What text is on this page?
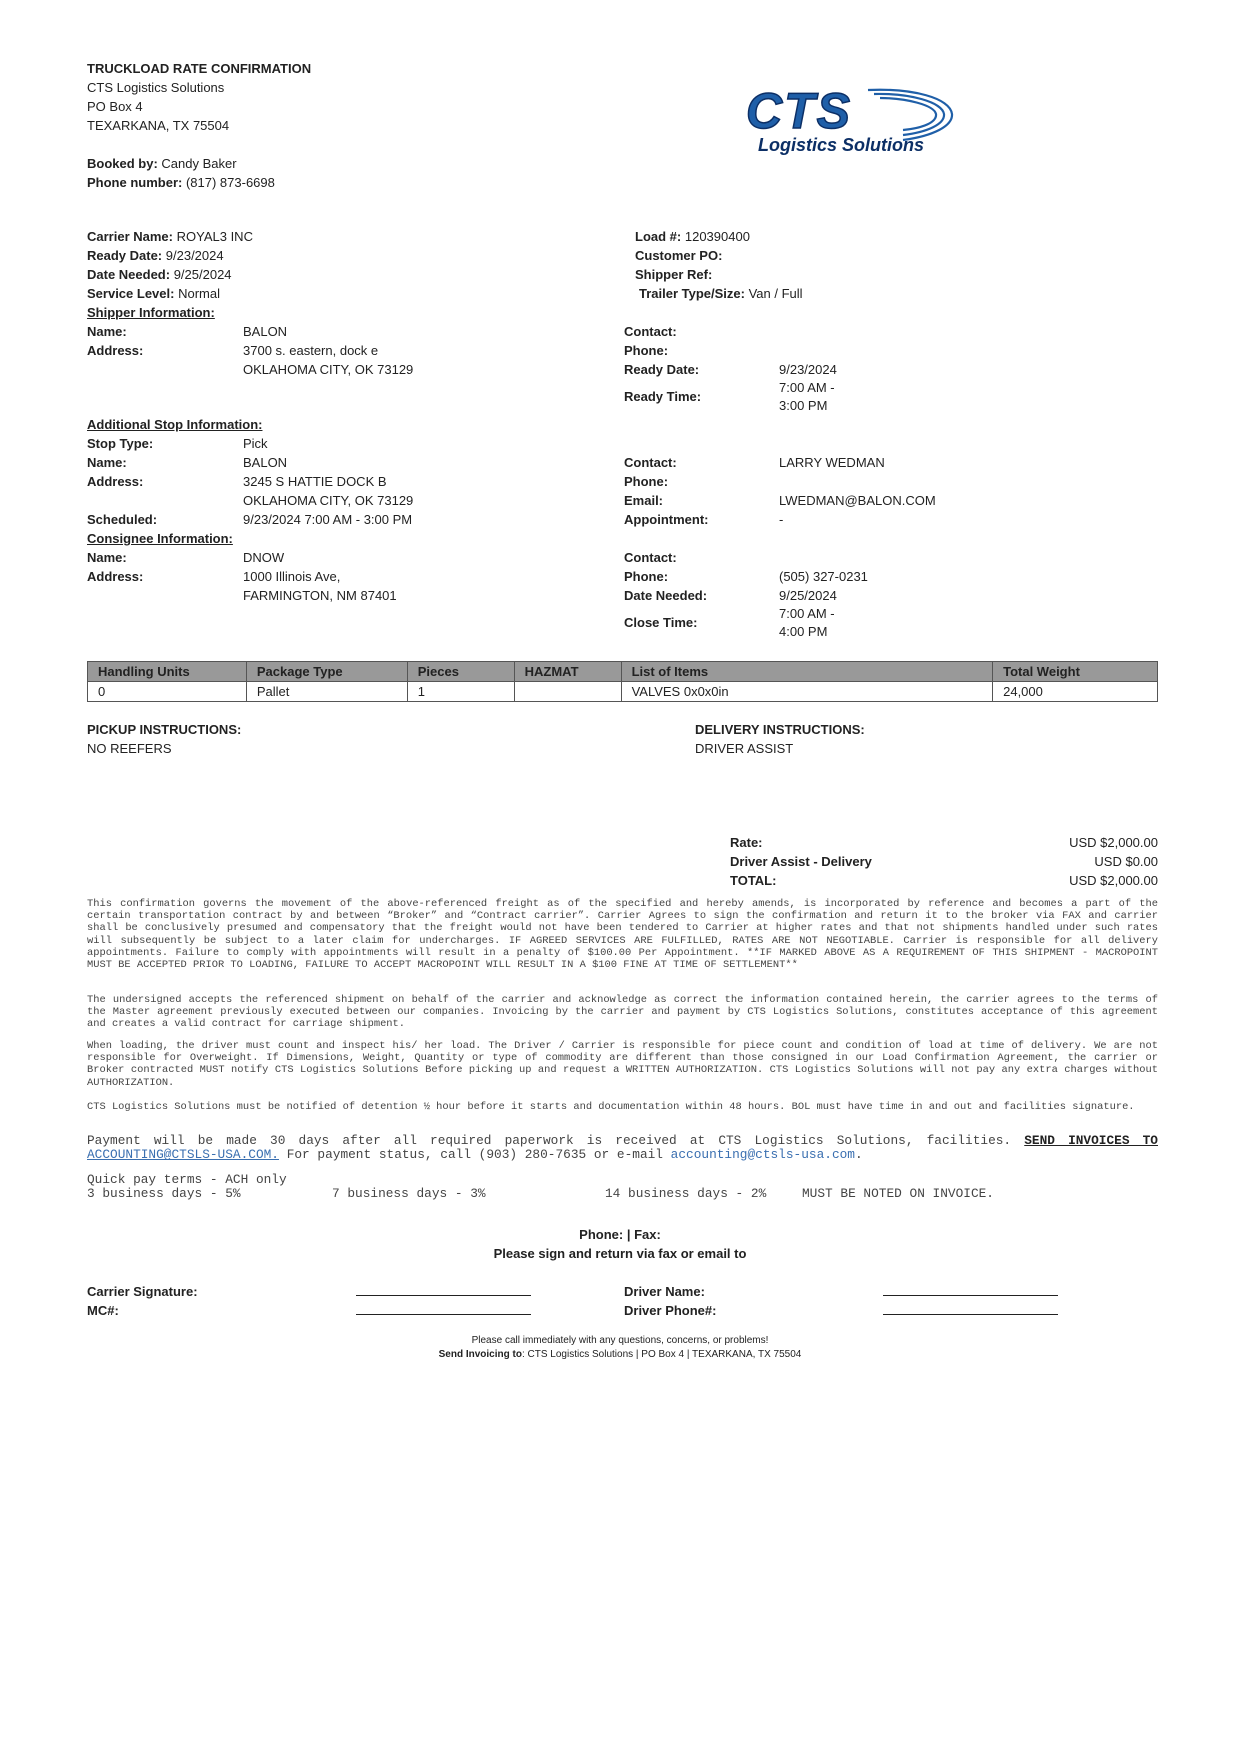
TRUCKLOAD RATE CONFIRMATION
CTS Logistics Solutions
PO Box 4
TEXARKANA, TX 75504
Booked by: Candy Baker
Phone number: (817) 873-6698
CTS
Logistics Solutions
Carrier Name: ROYAL3 INC
Ready Date: 9/23/2024
Date Needed: 9/25/2024
Service Level: Normal
Load #: 120390400
Customer PO:
Shipper Ref:
Trailer Type/Size: Van / Full
Shipper Information:
Name:	BALON
Address:	3700 s. eastern, dock e
OKLAHOMA CITY, OK 73129
Contact:
Phone:
Ready Date:	9/23/2024
Ready Time:
7:00 AM -
3:00 PM
Additional Stop Information:
Stop Type:	Pick
Name:	BALON
Address:	3245 S HATTIE DOCK B
OKLAHOMA CITY, OK 73129
Scheduled:	9/23/2024 7:00 AM - 3:00 PM
Contact:	LARRY WEDMAN
Phone:
Email:	LWEDMAN@BALON.COM
Appointment:	-
Consignee Information:
Name:	DNOW
Address:	1000 Illinois Ave,
FARMINGTON, NM 87401
Contact:
Phone:	(505) 327-0231
Date Needed:	9/25/2024
Close Time:
7:00 AM -
4:00 PM
Handling Units	Package Type	Pieces	HAZMAT	List of Items	Total Weight
0	Pallet	1		VALVES 0x0x0in	24,000
PICKUP INSTRUCTIONS:
NO REEFERS
DELIVERY INSTRUCTIONS:
DRIVER ASSIST
Rate:	USD $2,000.00
Driver Assist - Delivery	USD $0.00
TOTAL:	USD $2,000.00
This confirmation governs the movement of the above-referenced freight as of the specified and hereby amends, is incorporated by reference and becomes a part of the certain transportation contract by and between “Broker” and “Contract carrier”. Carrier Agrees to sign the confirmation and return it to the broker via FAX and carrier shall be conclusively presumed and compensatory that the freight would not have been tendered to Carrier at higher rates and that not shipments handled under such rates will subsequently be subject to a later claim for undercharges. IF AGREED SERVICES ARE FULFILLED, RATES ARE NOT NEGOTIABLE. Carrier is responsible for all delivery appointments. Failure to comply with appointments will result in a penalty of $100.00 Per Appointment. **IF MARKED ABOVE AS A REQUIREMENT OF THIS SHIPMENT - MACROPOINT MUST BE ACCEPTED PRIOR TO LOADING, FAILURE TO ACCEPT MACROPOINT WILL RESULT IN A $100 FINE AT TIME OF SETTLEMENT**
The undersigned accepts the referenced shipment on behalf of the carrier and acknowledge as correct the information contained herein, the carrier agrees to the terms of the Master agreement previously executed between our companies. Invoicing by the carrier and payment by CTS Logistics Solutions, constitutes acceptance of this agreement and creates a valid contract for carriage shipment.
When loading, the driver must count and inspect his/ her load. The Driver / Carrier is responsible for piece count and condition of load at time of delivery. We are not responsible for Overweight. If Dimensions, Weight, Quantity or type of commodity are different than those consigned in our Load Confirmation Agreement, the carrier or Broker contracted MUST notify CTS Logistics Solutions Before picking up and request a WRITTEN AUTHORIZATION. CTS Logistics Solutions will not pay any extra charges without AUTHORIZATION.
CTS Logistics Solutions must be notified of detention ½ hour before it starts and documentation within 48 hours. BOL must have time in and out and facilities signature.
Payment will be made 30 days after all required paperwork is received at CTS Logistics Solutions, facilities. SEND INVOICES TO ACCOUNTING@CTSLS-USA.COM. For payment status, call (903) 280-7635 or e-mail accounting@ctsls-usa.com.
Quick pay terms - ACH only
3 business days - 5%	7 business days - 3%	14 business days - 2%	MUST BE NOTED ON INVOICE.
Phone: | Fax:
Please sign and return via fax or email to
Carrier Signature:
MC#:
Driver Name:
Driver Phone#:
Please call immediately with any questions, concerns, or problems!
Send Invoicing to: CTS Logistics Solutions | PO Box 4 | TEXARKANA, TX 75504
